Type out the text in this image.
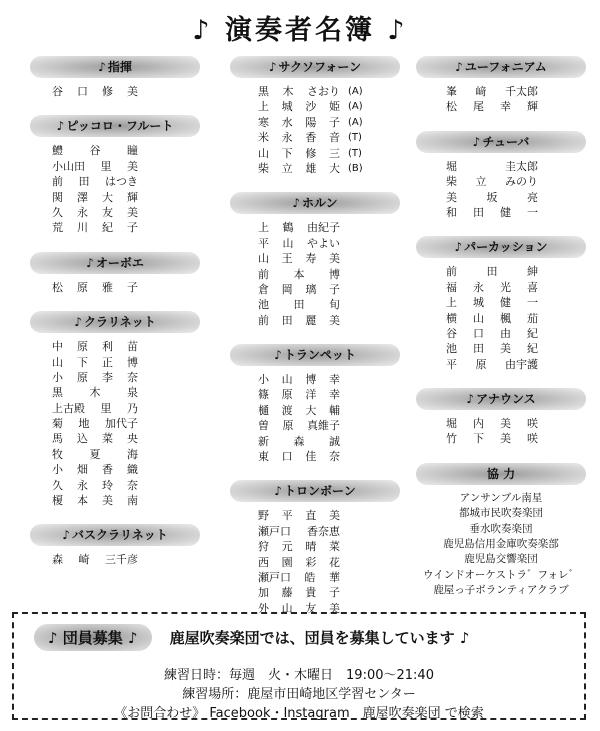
♪ 演奏者名簿 ♪
♪ 指揮
谷 口 修 美
♪ ピッコロ・フルート
鱧 谷 瞳
小山田 里 美
前 田 はつき
関 澤 大 輝
久 永 友 美
荒 川 紀 子
♪ オーボエ
松 原 雅 子
♪ クラリネット
中 原 利 苗
山 下 正 博
小 原 李 奈
黒 木 泉
上古殿 里 乃
菊 地 加代子
馬 込 菜 央
牧 夏 海
小 畑 香 織
久 永 玲 奈
榎 本 美 南
♪ バスクラリネット
森 崎 三千彦
♪ サクソフォーン
黒 木 さおり (A)
上 城 沙 姫 (A)
寒 水 陽 子 (A)
米 永 香 音 (T)
山 下 修 三 (T)
柴 立 雄 大 (B)
♪ ホルン
上 鶴 由紀子
平 山 やよい
山 王 寿 美
前 本 博
倉 岡 璃 子
池 田 旬
前 田 麗 美
♪ トランペット
小 山 博 幸
篠 原 洋 幸
樋 渡 大 輔
曽 原 真維子
新 森 誠
東 口 佳 奈
♪ トロンボーン
野 平 直 美
瀬戸口 香奈恵
狩 元 晴 菜
西 園 彩 花
瀬戸口 皓 華
加 藤 貴 子
外 山 友 美
♪ ユーフォニアム
峯 﨑 千太郎
松 尾 幸 輝
♪ チューバ
堀	圭太郎
柴 立 みのり
美	坂	亮
和 田 健 一
♪ パーカッション
前	田	紳
福 永 光 喜
上 城 健 一
横 山 楓 茄
谷 口 由 紀
池 田 美 紀
平 原 由宇護
♪ アナウンス
堀 内 美 咲
竹 下 美 咲
協 力
アンサンブル南星
都城市民吹奏楽団
垂水吹奏楽団
鹿児島信用金庫吹奏楽部
鹿児島交響楽団
ウインドオーケストラ゛フォレ゛
鹿屋っ子ボランティアクラブ
♪ 団員募集 ♪	鹿屋吹奏楽団では、団員を募集しています ♪
練習日時：毎週　火・木曜日　19:00〜21:40
練習場所：鹿屋市田崎地区学習センター
《お問合わせ》 Facebook・Instagram　鹿屋吹奏楽団 で検索
